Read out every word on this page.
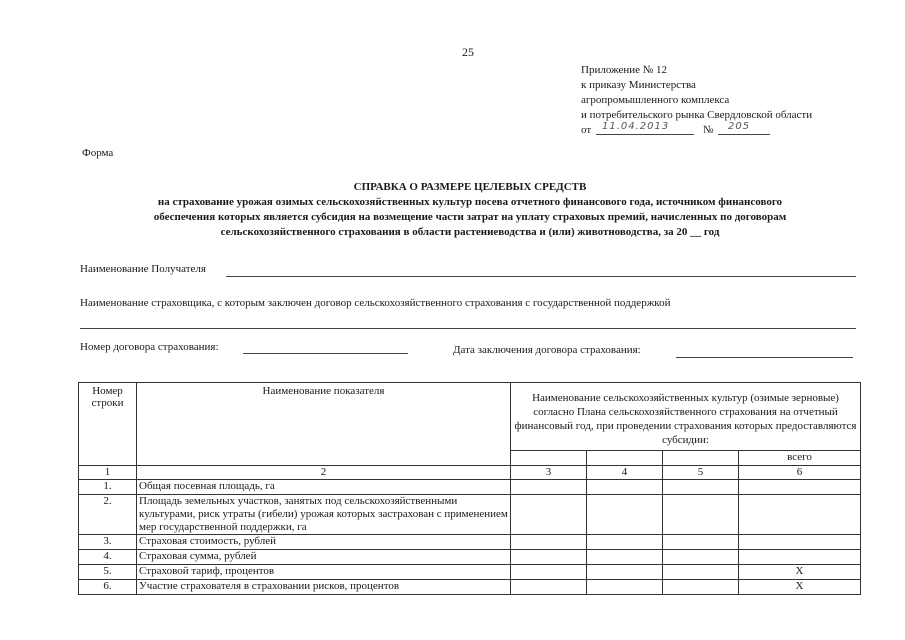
25
Приложение № 12
к приказу Министерства
агропромышленного комплекса
и потребительского рынка Свердловской области
от 11.04.2013	№ 205
Форма
СПРАВКА О РАЗМЕРЕ ЦЕЛЕВЫХ СРЕДСТВ
на страхование урожая озимых сельскохозяйственных культур посева отчетного финансового года, источником финансового
обеспечения которых является субсидия на возмещение части затрат на уплату страховых премий, начисленных по договорам
сельскохозяйственного страхования в области растениеводства и (или) животноводства, за 20 __ год
Наименование Получателя
Наименование страховщика, с которым заключен договор сельскохозяйственного страхования с государственной поддержкой
Номер договора страхования:	Дата заключения договора страхования:
Номер строки	Наименование показателя	Наименование сельскохозяйственных культур (озимые зерновые) согласно Плана сельскохозяйственного страхования на отчетный финансовый год, при проведении страхования которых предоставляются субсидии:			
					всего
1	2	3	4	5	6
1.	Общая посевная площадь, га				
2.	Площадь земельных участков, занятых под сельскохозяйственными культурами, риск утраты (гибели) урожая которых застрахован с применением мер государственной поддержки, га				
3.	Страховая стоимость, рублей				
4.	Страховая сумма, рублей				
5.	Страховой тариф, процентов				Х
6.	Участие страхователя в страховании рисков, процентов				Х
